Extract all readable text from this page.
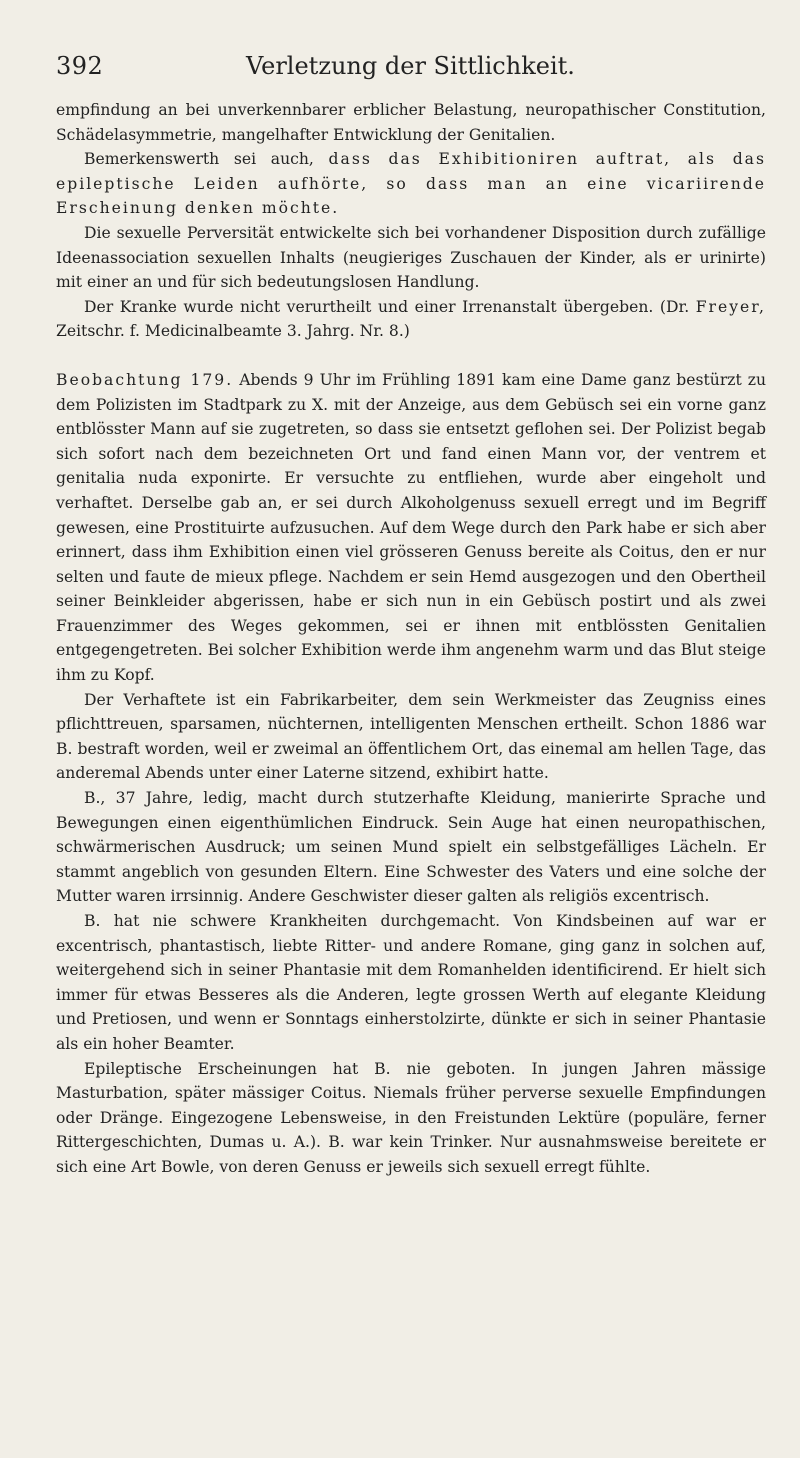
392	Verletzung der Sittlichkeit.

empfindung an bei unverkennbarer erblicher Belastung, neuropathischer Constitution, Schädelasymmetrie, mangelhafter Entwicklung der Genitalien.

Bemerkenswerth sei auch, dass das Exhibitioniren auftrat, als das epileptische Leiden aufhörte, so dass man an eine vicariirende Erscheinung denken möchte.

Die sexuelle Perversität entwickelte sich bei vorhandener Disposition durch zufällige Ideenassociation sexuellen Inhalts (neugieriges Zuschauen der Kinder, als er urinirte) mit einer an und für sich bedeutungslosen Handlung.

Der Kranke wurde nicht verurtheilt und einer Irrenanstalt übergeben. (Dr. Freyer, Zeitschr. f. Medicinalbeamte 3. Jahrg. Nr. 8.)

Beobachtung 179. Abends 9 Uhr im Frühling 1891 kam eine Dame ganz bestürzt zu dem Polizisten im Stadtpark zu X. mit der Anzeige, aus dem Gebüsch sei ein vorne ganz entblösster Mann auf sie zugetreten, so dass sie entsetzt geflohen sei. Der Polizist begab sich sofort nach dem bezeichneten Ort und fand einen Mann vor, der ventrem et genitalia nuda exponirte. Er versuchte zu entfliehen, wurde aber eingeholt und verhaftet. Derselbe gab an, er sei durch Alkoholgenuss sexuell erregt und im Begriff gewesen, eine Prostituirte aufzusuchen. Auf dem Wege durch den Park habe er sich aber erinnert, dass ihm Exhibition einen viel grösseren Genuss bereite als Coitus, den er nur selten und faute de mieux pflege. Nachdem er sein Hemd ausgezogen und den Obertheil seiner Beinkleider abgerissen, habe er sich nun in ein Gebüsch postirt und als zwei Frauenzimmer des Weges gekommen, sei er ihnen mit entblössten Genitalien entgegengetreten. Bei solcher Exhibition werde ihm angenehm warm und das Blut steige ihm zu Kopf.

Der Verhaftete ist ein Fabrikarbeiter, dem sein Werkmeister das Zeugniss eines pflichttreuen, sparsamen, nüchternen, intelligenten Menschen ertheilt. Schon 1886 war B. bestraft worden, weil er zweimal an öffentlichem Ort, das einemal am hellen Tage, das anderemal Abends unter einer Laterne sitzend, exhibirt hatte.

B., 37 Jahre, ledig, macht durch stutzerhafte Kleidung, manierirte Sprache und Bewegungen einen eigenthümlichen Eindruck. Sein Auge hat einen neuropathischen, schwärmerischen Ausdruck; um seinen Mund spielt ein selbstgefälliges Lächeln. Er stammt angeblich von gesunden Eltern. Eine Schwester des Vaters und eine solche der Mutter waren irrsinnig. Andere Geschwister dieser galten als religiös excentrisch.

B. hat nie schwere Krankheiten durchgemacht. Von Kindsbeinen auf war er excentrisch, phantastisch, liebte Ritter- und andere Romane, ging ganz in solchen auf, weitergehend sich in seiner Phantasie mit dem Romanhelden identificirend. Er hielt sich immer für etwas Besseres als die Anderen, legte grossen Werth auf elegante Kleidung und Pretiosen, und wenn er Sonntags einherstolzirte, dünkte er sich in seiner Phantasie als ein hoher Beamter.

Epileptische Erscheinungen hat B. nie geboten. In jungen Jahren mässige Masturbation, später mässiger Coitus. Niemals früher perverse sexuelle Empfindungen oder Dränge. Eingezogene Lebensweise, in den Freistunden Lektüre (populäre, ferner Rittergeschichten, Dumas u. A.). B. war kein Trinker. Nur ausnahmsweise bereitete er sich eine Art Bowle, von deren Genuss er jeweils sich sexuell erregt fühlte.
